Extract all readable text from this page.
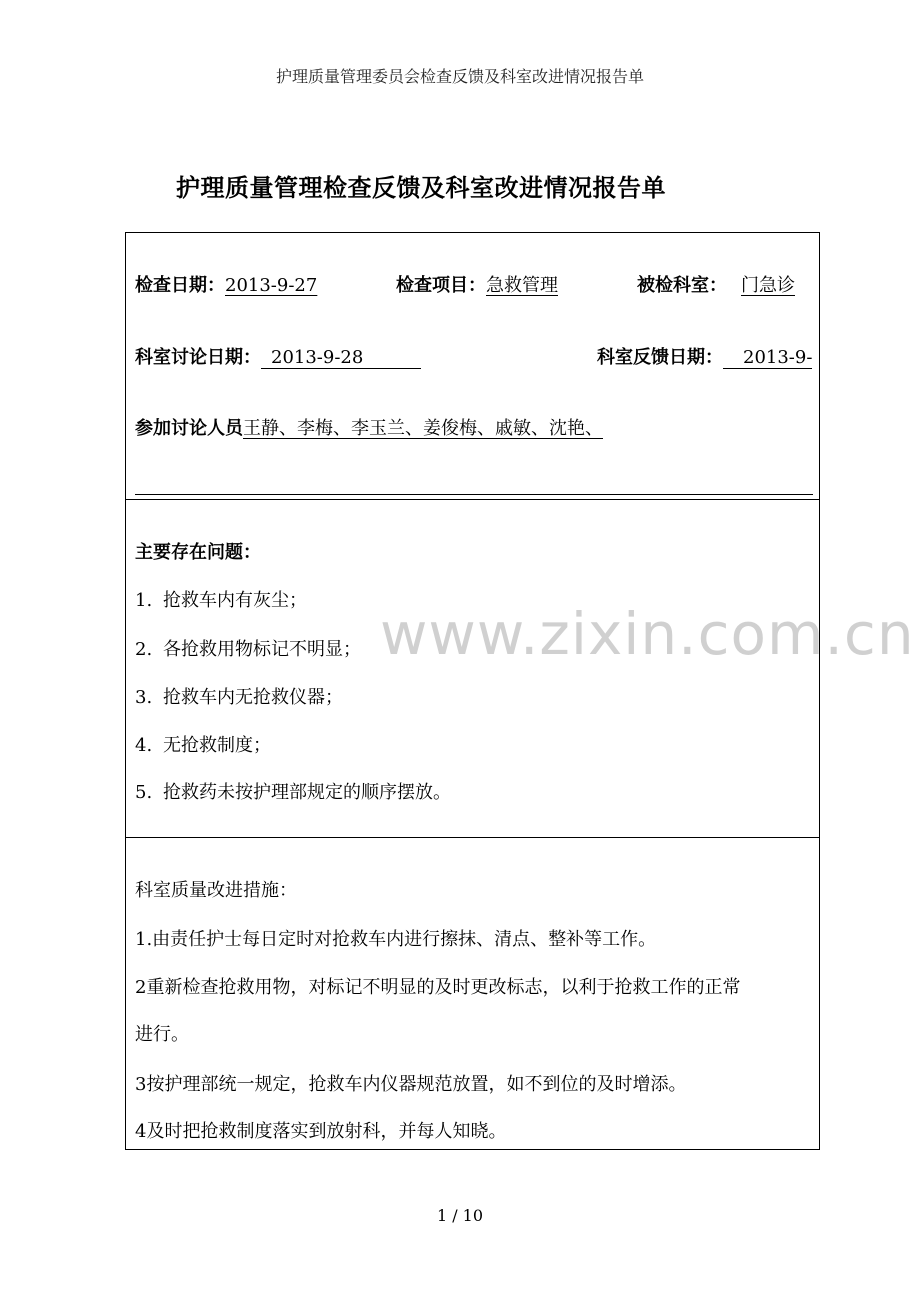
护理质量管理委员会检查反馈及科室改进情况报告单
护理质量管理检查反馈及科室改进情况报告单
www.zixin.com.cn
检查日期：2013-9-27	检查项目：急救管理	被检科室： 门急诊
科室讨论日期： 2013-9-28	科室反馈日期： 2013-9-
参加讨论人员王静、李梅、李玉兰、姜俊梅、戚敏、沈艳、
主要存在问题：
1. 抢救车内有灰尘；
2. 各抢救用物标记不明显；
3. 抢救车内无抢救仪器；
4. 无抢救制度；
5. 抢救药未按护理部规定的顺序摆放。
科室质量改进措施：
1.由责任护士每日定时对抢救车内进行擦抹、清点、整补等工作。
2重新检查抢救用物，对标记不明显的及时更改标志，以利于抢救工作的正常
进行。
3按护理部统一规定，抢救车内仪器规范放置，如不到位的及时增添。
4及时把抢救制度落实到放射科，并每人知晓。
1 / 10
